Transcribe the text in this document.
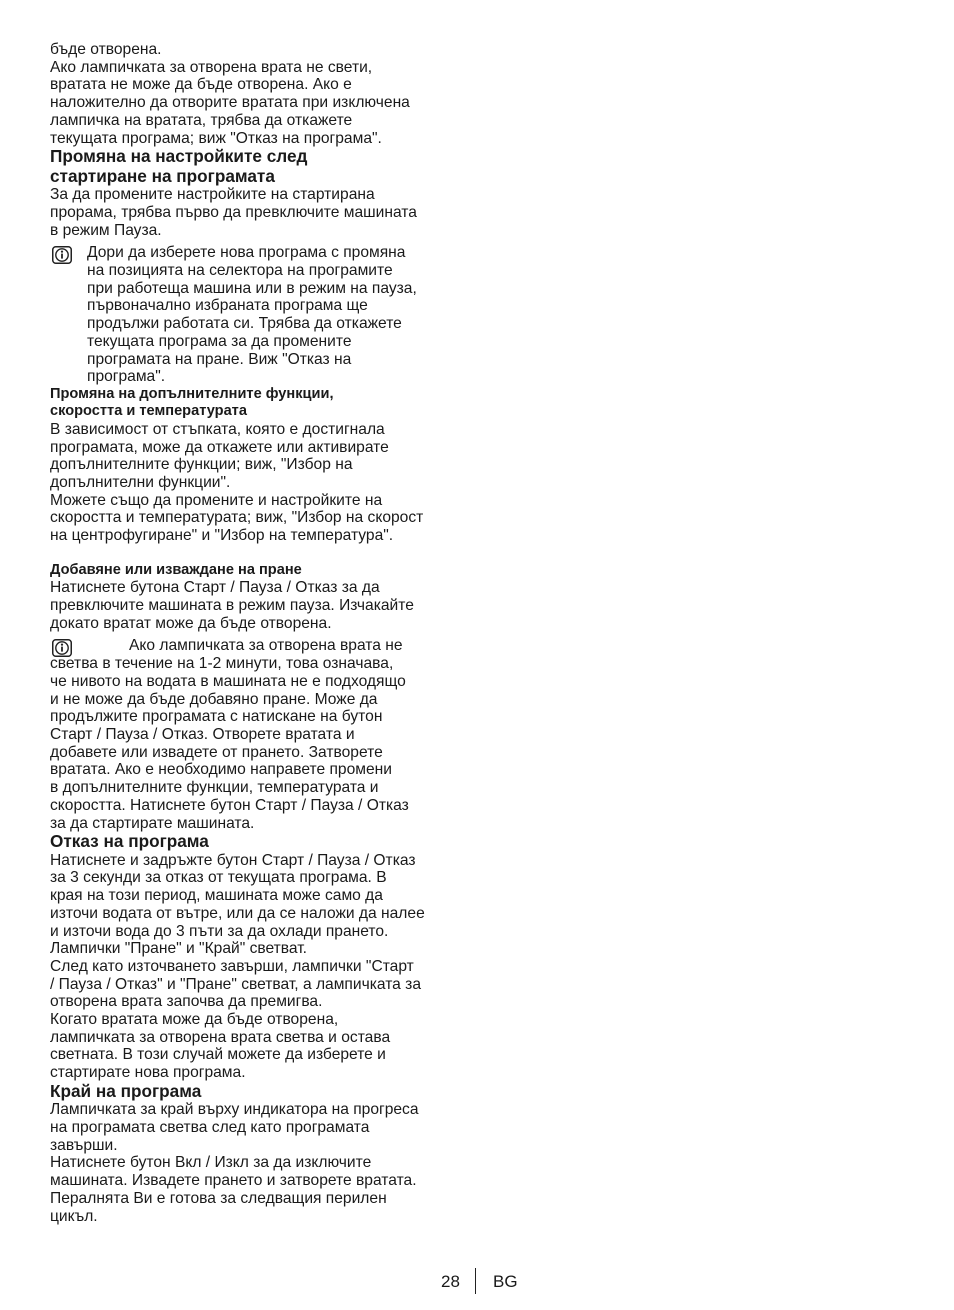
бъде отворена.
Ако лампичката за отворена врата не свети,
вратата не може да бъде отворена. Ако е
наложително да отворите вратата при изключена
лампичка на вратата, трябва да откажете
текущата програма; виж "Отказ на програма".
Промяна на настройките след
стартиране на програмата
За да промените настройките на стартирана
прорама, трябва първо да превключите машината
в режим Пауза.
Дори да изберете нова програма с промяна
на позицията на селектора на програмите
при работеща машина или в режим на пауза,
първоначално избраната програма ще
продължи работата си. Трябва да откажете
текущата програма за да промените
програмата на пране. Виж "Отказ на
програма".
Промяна на допълнителните функции,
скоростта и температурата
В зависимост от стъпката, която е достигнала
програмата, може да откажете или активирате
допълнителните функции; виж, "Избор на
допълнителни функции".
Можете също да промените и настройките на
скоростта и температурата; виж, "Избор на скорост
на центрофугиране" и "Избор на температура".
Добавяне или изваждане на пране
Натиснете бутона Старт / Пауза / Отказ за да
превключите машината в режим пауза. Изчакайте
докато вратат може да бъде отворена.
Ако лампичката за отворена врата не
светва в течение на 1-2 минути, това означава,
че нивото на водата в машината не е подходящо
и не може да бъде добавяно пране. Може да
продължите програмата с натискане на бутон
Старт / Пауза / Отказ. Отворете вратата и
добавете или извадете от прането. Затворете
вратата. Ако е необходимо направете промени
в допълнителните функции, температурата и
скоростта. Натиснете бутон Старт / Пауза / Отказ
за да стартирате машината.
Отказ на програма
Натиснете и задръжте бутон Старт / Пауза / Отказ
за 3 секунди за отказ от текущата програма. В
края на този период, машината може само да
източи водата от вътре, или да се наложи да налее
и източи вода до 3 пъти за да охлади прането.
Лампички "Пране" и "Край" светват.
След като източването завърши, лампички "Старт
/ Пауза / Отказ" и "Пране" светват, а лампичката за
отворена врата започва да премигва.
Когато вратата може да бъде отворена,
лампичката за отворена врата светва и остава
светната. В този случай можете да изберете и
стартирате нова програма.
Край на програма
Лампичката за край върху индикатора на прогреса
на програмата светва след като програмата
завърши.
Натиснете бутон Вкл / Изкл за да изключите
машината. Извадете прането и затворете вратата.
Пералнята Ви е готова за следващия перилен
цикъл.
28 BG
